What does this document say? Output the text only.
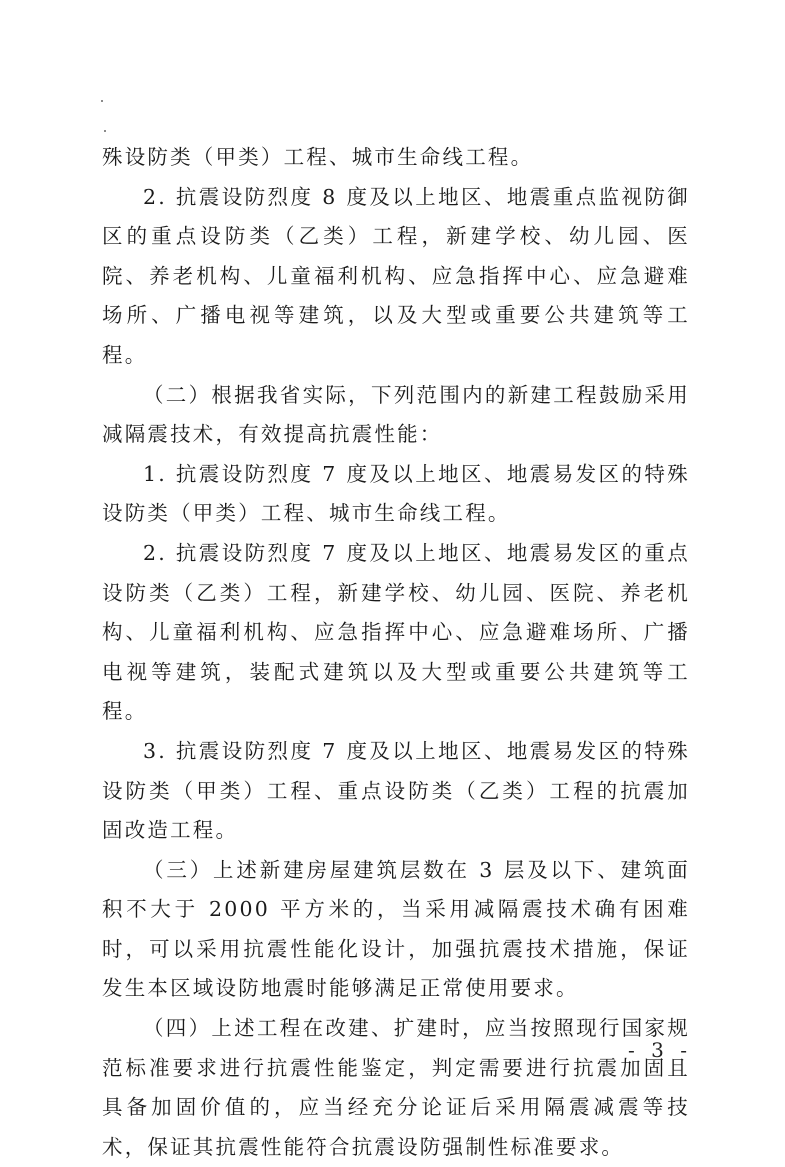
殊设防类（甲类）工程、城市生命线工程。

2. 抗震设防烈度 8 度及以上地区、地震重点监视防御区的重点设防类（乙类）工程，新建学校、幼儿园、医院、养老机构、儿童福利机构、应急指挥中心、应急避难场所、广播电视等建筑，以及大型或重要公共建筑等工程。

（二）根据我省实际，下列范围内的新建工程鼓励采用减隔震技术，有效提高抗震性能：

1. 抗震设防烈度 7 度及以上地区、地震易发区的特殊设防类（甲类）工程、城市生命线工程。

2. 抗震设防烈度 7 度及以上地区、地震易发区的重点设防类（乙类）工程，新建学校、幼儿园、医院、养老机构、儿童福利机构、应急指挥中心、应急避难场所、广播电视等建筑，装配式建筑以及大型或重要公共建筑等工程。

3. 抗震设防烈度 7 度及以上地区、地震易发区的特殊设防类（甲类）工程、重点设防类（乙类）工程的抗震加固改造工程。

（三）上述新建房屋建筑层数在 3 层及以下、建筑面积不大于 2000 平方米的，当采用减隔震技术确有困难时，可以采用抗震性能化设计，加强抗震技术措施，保证发生本区域设防地震时能够满足正常使用要求。

（四）上述工程在改建、扩建时，应当按照现行国家规范标准要求进行抗震性能鉴定，判定需要进行抗震加固且具备加固价值的，应当经充分论证后采用隔震减震等技术，保证其抗震性能符合抗震设防强制性标准要求。

- 3 -
